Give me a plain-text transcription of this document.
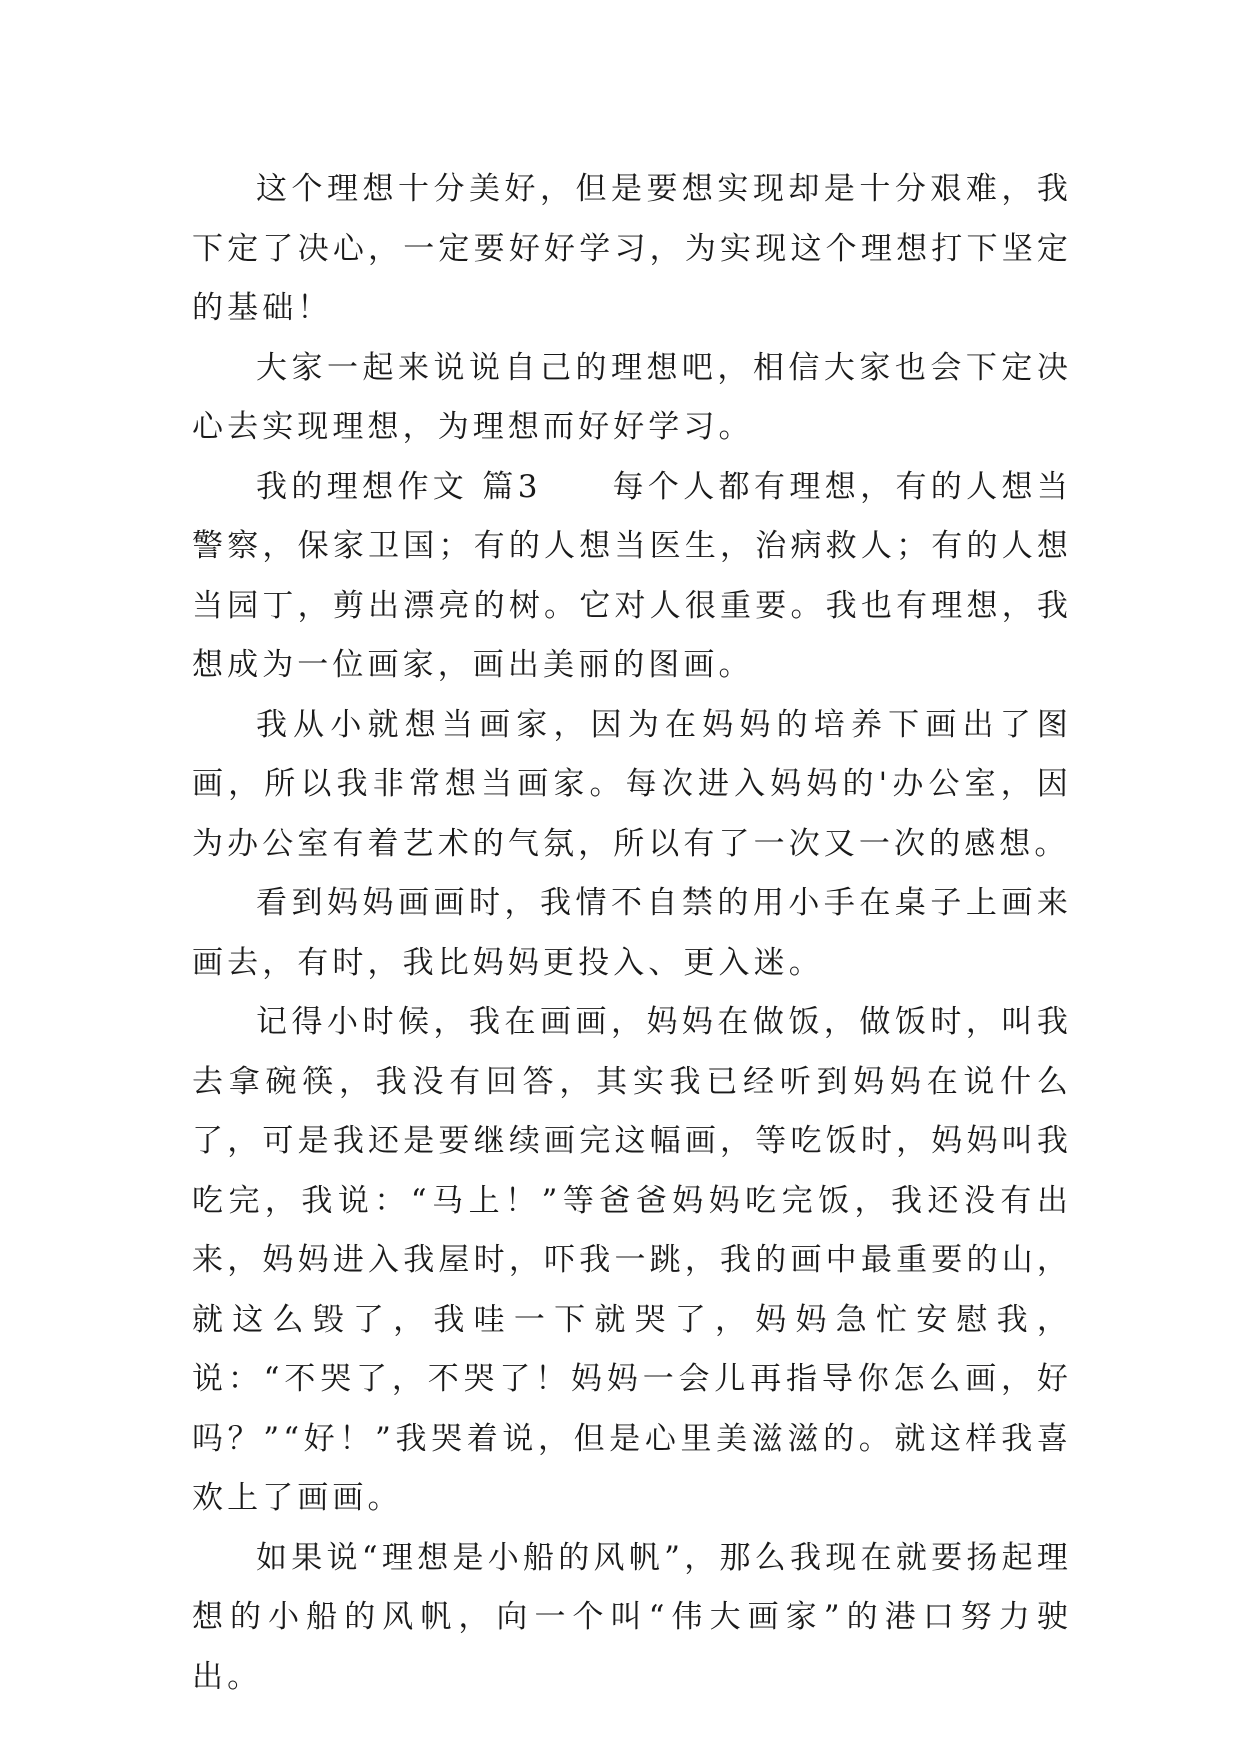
这个理想十分美好，但是要想实现却是十分艰难，我下定了决心，一定要好好学习，为实现这个理想打下坚定的基础！

大家一起来说说自己的理想吧，相信大家也会下定决心去实现理想，为理想而好好学习。

我的理想作文 篇3　　每个人都有理想，有的人想当警察，保家卫国；有的人想当医生，治病救人；有的人想当园丁，剪出漂亮的树。它对人很重要。我也有理想，我想成为一位画家，画出美丽的图画。

我从小就想当画家，因为在妈妈的培养下画出了图画，所以我非常想当画家。每次进入妈妈的'办公室，因为办公室有着艺术的气氛，所以有了一次又一次的感想。

看到妈妈画画时，我情不自禁的用小手在桌子上画来画去，有时，我比妈妈更投入、更入迷。

记得小时候，我在画画，妈妈在做饭，做饭时，叫我去拿碗筷，我没有回答，其实我已经听到妈妈在说什么了，可是我还是要继续画完这幅画，等吃饭时，妈妈叫我吃完，我说：“马上！”等爸爸妈妈吃完饭，我还没有出来，妈妈进入我屋时，吓我一跳，我的画中最重要的山，就这么毁了，我哇一下就哭了，妈妈急忙安慰我，说：“不哭了，不哭了！妈妈一会儿再指导你怎么画，好吗？”“好！”我哭着说，但是心里美滋滋的。就这样我喜欢上了画画。

如果说“理想是小船的风帆”，那么我现在就要扬起理想的小船的风帆，向一个叫“伟大画家”的港口努力驶出。
